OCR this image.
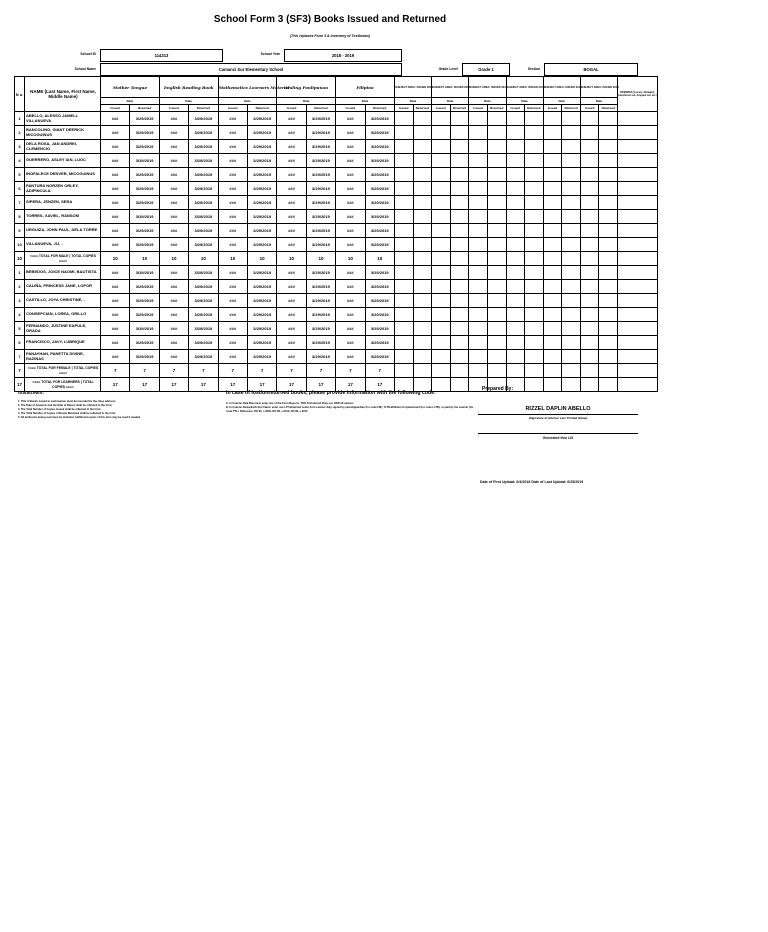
School Form 3 (SF3) Books Issued and Returned
(This replaces Form 3 & Inventory of Textbooks)
School ID	114313	School Year	2018 - 2019
School Name	Camanci Sur Elementary School	Grade Level	Grade 1	Section	BOGAL
N o.	NAME (Last Name, First Name, Middle Name)	Mother Tongue		English Reading Book		Mathematics Learners Material		Araling Panlipunan		Filipino		SUBJECT AREA: ISSUED 2018		SUBJECT AREA: ISSUED 2018		SUBJECT AREA: ISSUED 2018		SUBJECT AREA: ISSUED 2018		SUBJECT AREA: ISSUED 2018		SUBJECT AREA: ISSUED 2018		REMARKS (Losses, damaged, transferred out, dropped out, etc.)
		Date		Date		Date		Date		Date		Date		Date		Date		Date		Date		Date		
		Issued	Returned	Issued	Returned	Issued	Returned	Issued	Returned	Issued	Returned	Issued	Returned	Issued	Returned	Issued	Returned	Issued	Returned	Issued	Returned	Issued	Returned	
1	ABELLO, ALESSO JAMELL VILLANUEVA	###	3/29/2019	###	3/29/2019	###	3/29/2019	###	3/29/2019	###	3/29/2019													
2	BANCOLINO, GIANT DEERICK MICOGUINUS	###	3/29/2019	###	3/29/2019	###	3/29/2019	###	3/29/2019	###	3/29/2019													
3	DELA ROSA, JAN ANDREI, CLEMENCIO	###	3/29/2019	###	3/29/2019	###	3/29/2019	###	3/29/2019	###	3/29/2019													
4	GUERRERO, ASLEY IAN, LUOC	###	3/29/2019	###	3/29/2019	###	3/29/2019	###	3/29/2019	###	3/29/2019													
5	INOFALECE DENVER, MICOGUINUS	###	3/29/2019	###	3/29/2019	###	3/29/2019	###	3/29/2019	###	3/29/2019													
6	PANTURA NORZEN ORLEY, ADIPINCULA	###	3/29/2019	###	3/29/2019	###	3/29/2019	###	3/29/2019	###	3/29/2019													
7	SIPERA, JENZEN, SERA	###	3/29/2019	###	3/29/2019	###	3/29/2019	###	3/29/2019	###	3/29/2019													
8	TORRES, XAVIEL, RANSOM	###	3/29/2019	###	3/29/2019	###	3/29/2019	###	3/29/2019	###	3/29/2019													
9	URGUIZA, JOHN PAUL, DELA TORRE	###	3/29/2019	###	3/29/2019	###	3/29/2019	###	3/29/2019	###	3/29/2019													
10	VILLANUEVA, JIJ, -	###	3/29/2019	###	3/29/2019	###	3/29/2019	###	3/29/2019	###	3/29/2019													
10	<=== TOTAL FOR MALE | TOTAL COPIES ===>	10	10	10	10	10	10	10	10	10	10													
1	BEBEDOS, JOICE NAOMI, BAUTISTA	###	3/29/2019	###	3/29/2019	###	3/29/2019	###	3/29/2019	###	3/29/2019													
2	CALIÑA, PRINCESS JANE, LOPOR	###	3/29/2019	###	3/29/2019	###	3/29/2019	###	3/29/2019	###	3/29/2019													
3	CASTILLO, JOYA CHRISTINE, -	###	3/29/2019	###	3/29/2019	###	3/29/2019	###	3/29/2019	###	3/29/2019													
4	CONSEPCIAN, LOREA, ORILLO	###	3/29/2019	###	3/29/2019	###	3/29/2019	###	3/29/2019	###	3/29/2019													
5	FERNANDO, JUSTINE EAPULE, GRADA	###	3/29/2019	###	3/29/2019	###	3/29/2019	###	3/29/2019	###	3/29/2019													
6	FRANCISCO, JAVY, LUBRIQUE	###	3/29/2019	###	3/29/2019	###	3/29/2019	###	3/29/2019	###	3/29/2019													
7	PANAYHAN, PANETTA DIVINE, RAZINAS	###	3/29/2019	###	3/29/2019	###	3/29/2019	###	3/29/2019	###	3/29/2019													
7	<=== TOTAL FOR FEMALE | TOTAL COPIES ===>	7	7	7	7	7	7	7	7	7	7													
17	<=== TOTAL FOR LEARNERS | TOTAL COPIES ===>	17	17	17	17	17	17	17	17	17	17													
GUIDELINES:
1. Title of Books issued to each learner must be recorded by the class advisers.
2. The Date of Issuance and the Date of Return shall be reflected in the form.
3. The Total Number of Copies Issued shall be reflected in the form.
4. The Total Number of Copies of Books Returned shall be reflected in the form.
5. All textbooks being used must be included. Additional copies of this form may be used if needed.
In case of lost/unreturned books, please provide information with the following code:
A. In Column Date Returned, enter one of the Form Reports, TDO-Transferred Drop out, DRP-all options
B. In Column Remarks/Action Taken, enter one LTT-Returned Letter from Learner duly signed by parent/guardian (for code FM), TLTR-affidavit of replacement (for code LLTR), or paid by the Learner (for code PTL). Reference: DO 92, s.2002, DO 98, s.2013, DO 89, s.2015
Prepared By:
RIZZEL DAPLIN ABELLO
(Signature of Adviser over Printed Name)
Generated thru LIS
Date of First Upload: 6/4/2018 Date of Last Upload: 6/25/2019
